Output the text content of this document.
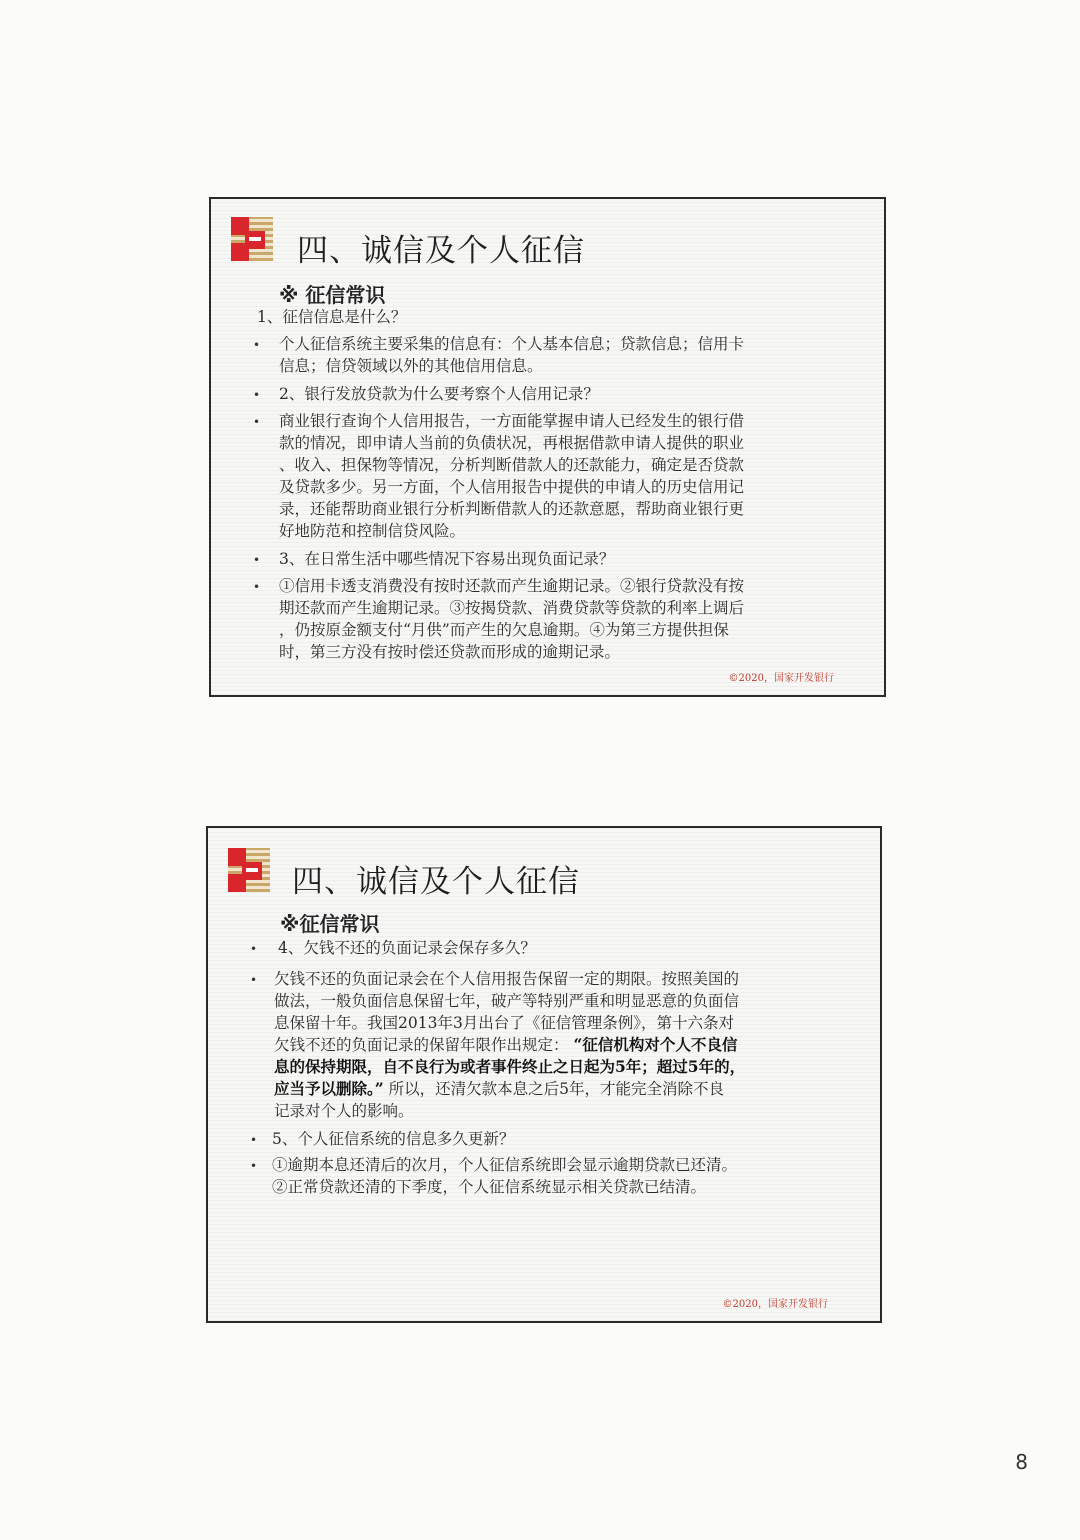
四、诚信及个人征信
※ 征信常识
1、征信信息是什么？
• 个人征信系统主要采集的信息有：个人基本信息；贷款信息；信用卡
信息；信贷领域以外的其他信用信息。
• 2、银行发放贷款为什么要考察个人信用记录？
• 商业银行查询个人信用报告，一方面能掌握申请人已经发生的银行借
款的情况，即申请人当前的负债状况，再根据借款申请人提供的职业
、收入、担保物等情况，分析判断借款人的还款能力，确定是否贷款
及贷款多少。另一方面，个人信用报告中提供的申请人的历史信用记
录，还能帮助商业银行分析判断借款人的还款意愿，帮助商业银行更
好地防范和控制信贷风险。
• 3、在日常生活中哪些情况下容易出现负面记录？
• ①信用卡透支消费没有按时还款而产生逾期记录。②银行贷款没有按
期还款而产生逾期记录。③按揭贷款、消费贷款等贷款的利率上调后
，仍按原金额支付“月供”而产生的欠息逾期。④为第三方提供担保
时，第三方没有按时偿还贷款而形成的逾期记录。
©2020，国家开发银行
四、诚信及个人征信
※征信常识
• 4、欠钱不还的负面记录会保存多久？
• 欠钱不还的负面记录会在个人信用报告保留一定的期限。按照美国的
做法，一般负面信息保留七年，破产等特别严重和明显恶意的负面信
息保留十年。我国2013年3月出台了《征信管理条例》，第十六条对
欠钱不还的负面记录的保留年限作出规定： “征信机构对个人不良信
息的保持期限，自不良行为或者事件终止之日起为5年；超过5年的，
应当予以删除。” 所以，还清欠款本息之后5年，才能完全消除不良
记录对个人的影响。
• 5、个人征信系统的信息多久更新？
• ①逾期本息还清后的次月，个人征信系统即会显示逾期贷款已还清。
②正常贷款还清的下季度，个人征信系统显示相关贷款已结清。
©2020，国家开发银行
8
